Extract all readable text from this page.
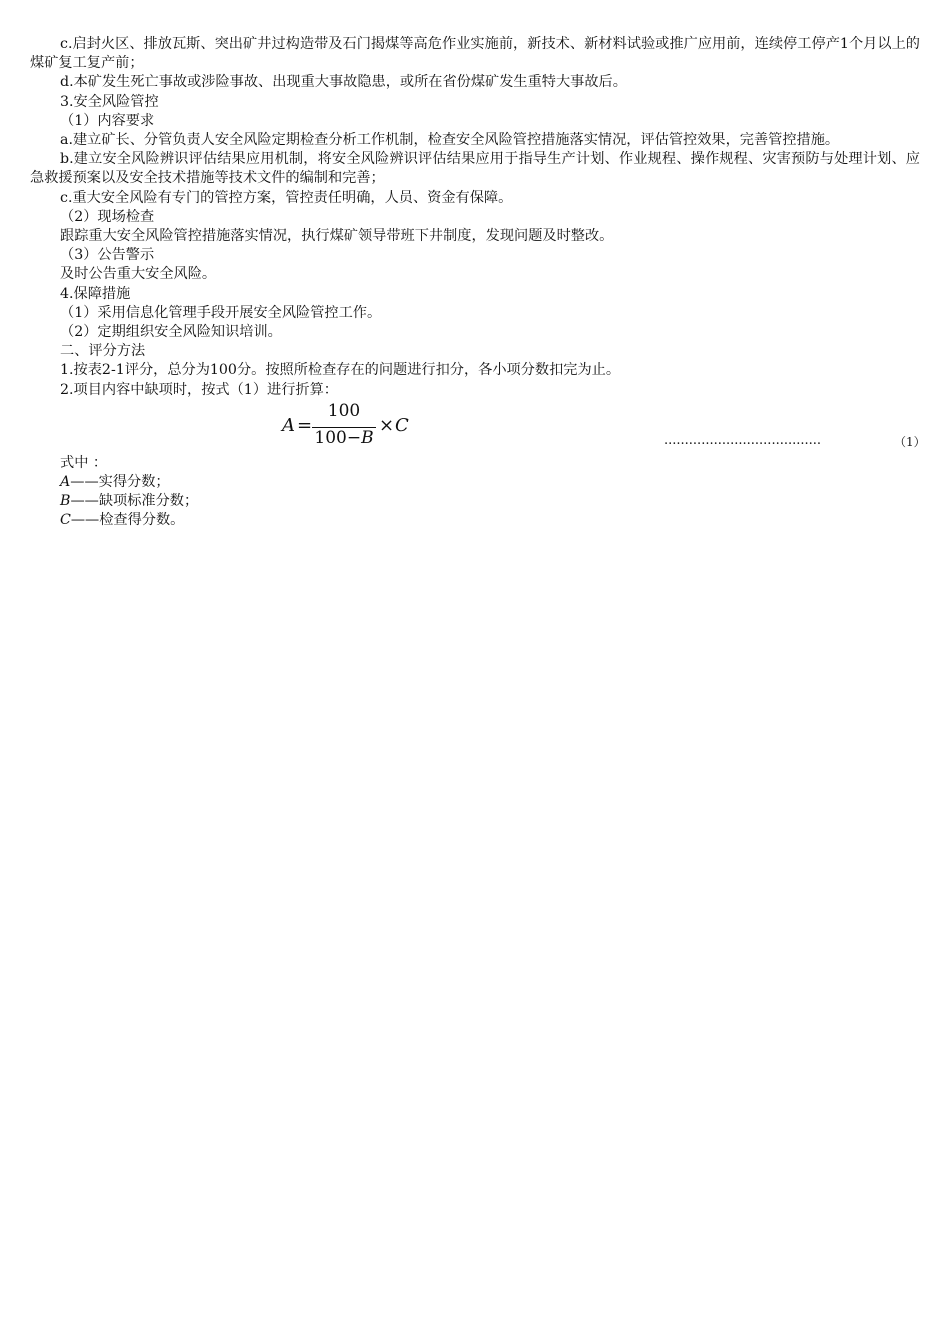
c.启封火区、排放瓦斯、突出矿井过构造带及石门揭煤等高危作业实施前，新技术、新材料试验或推广应用前，连续停工停产1个月以上的煤矿复工复产前；

d.本矿发生死亡事故或涉险事故、出现重大事故隐患，或所在省份煤矿发生重特大事故后。

3.安全风险管控

（1）内容要求

a.建立矿长、分管负责人安全风险定期检查分析工作机制，检查安全风险管控措施落实情况，评估管控效果，完善管控措施。

b.建立安全风险辨识评估结果应用机制，将安全风险辨识评估结果应用于指导生产计划、作业规程、操作规程、灾害预防与处理计划、应急救援预案以及安全技术措施等技术文件的编制和完善；

c.重大安全风险有专门的管控方案，管控责任明确，人员、资金有保障。

（2）现场检查

跟踪重大安全风险管控措施落实情况，执行煤矿领导带班下井制度，发现问题及时整改。

（3）公告警示

及时公告重大安全风险。

4.保障措施

（1）采用信息化管理手段开展安全风险管控工作。

（2）定期组织安全风险知识培训。

二、评分方法

1.按表2-1评分，总分为100分。按照所检查存在的问题进行扣分，各小项分数扣完为止。

2.项目内容中缺项时，按式（1）进行折算：

A =
100
100−B
× C
......................................	（1）

式中 ：

A——实得分数；

B——缺项标准分数；

C——检查得分数。
